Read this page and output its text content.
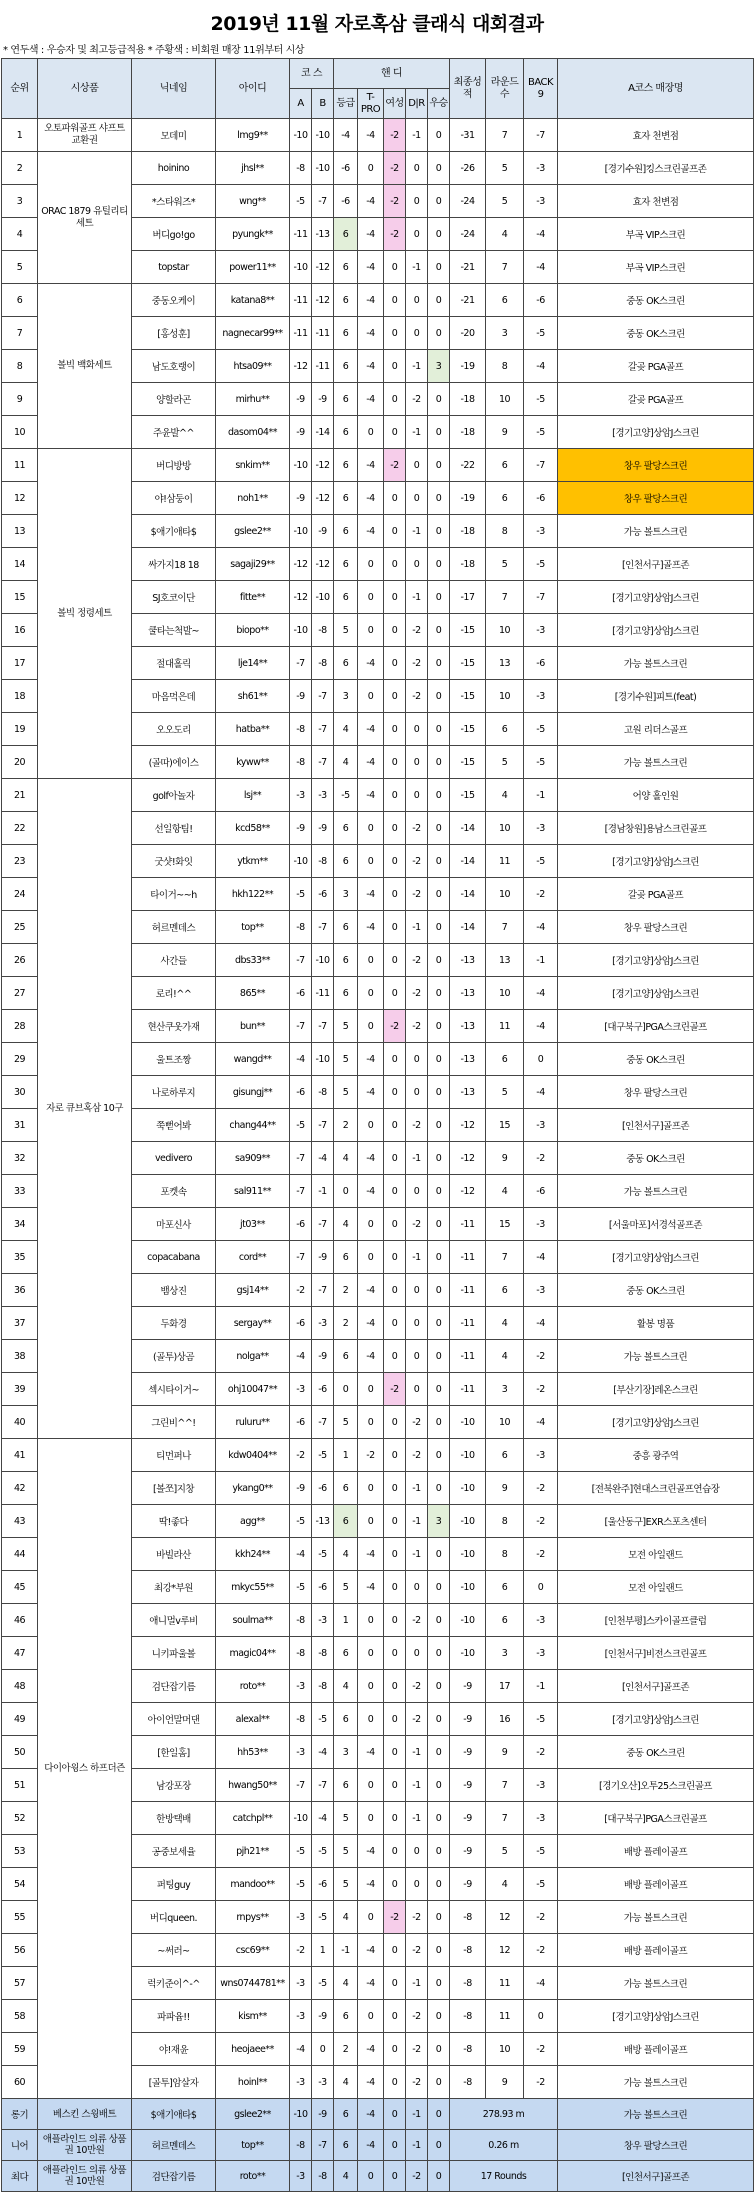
2019년 11월 자로혹삼 클래식 대회결과
* 연두색 : 우승자 및 최고등급적용 * 주황색 : 비회원 매장 11위부터 시상
순위	시상품	닉네임	아이디	코 스		핸 디					최종성적	라운드수	BACK 9	A코스 매장명
				A	B	등급	T-PRO	여성	D|R	우승				
1	오토파워골프 샤프트 교환권	모데미	lmg9**	-10	-10	-4	-4	-2	-1	0	-31	7	-7	효자 천변점
2	ORAC 1879 유틸리티 세트	hoinino	jhsl**	-8	-10	-6	0	-2	0	0	-26	5	-3	[경기수원]킹스크린골프존
3		*스타워즈*	wng**	-5	-7	-6	-4	-2	0	0	-24	5	-3	효자 천변점
4		버디go!go	pyungk**	-11	-13	6	-4	-2	0	0	-24	4	-4	부곡 VIP스크린
5		topstar	power11**	-10	-12	6	-4	0	-1	0	-21	7	-4	부곡 VIP스크린
6	볼빅 백화세트	중동오케이	katana8**	-11	-12	6	-4	0	0	0	-21	6	-6	중동 OK스크린
7		[홍성훈]	nagnecar99**	-11	-11	6	-4	0	0	0	-20	3	-5	중동 OK스크린
8		남도호랭이	htsa09**	-12	-11	6	-4	0	-1	3	-19	8	-4	갈곶 PGA골프
9		양할라곤	mirhu**	-9	-9	6	-4	0	-2	0	-18	10	-5	갈곶 PGA골프
10		주윤발^^	dasom04**	-9	-14	6	0	0	-1	0	-18	9	-5	[경기고양]상암J스크린
11	볼빅 정령세트	버디방방	snkim**	-10	-12	6	-4	-2	0	0	-22	6	-7	창우 팔당스크린
12		야!삼둥이	noh1**	-9	-12	6	-4	0	0	0	-19	6	-6	창우 팔당스크린
13		$애기애타$	gslee2**	-10	-9	6	-4	0	-1	0	-18	8	-3	가능 볼트스크린
14		싸가지18 18	sagaji29**	-12	-12	6	0	0	0	0	-18	5	-5	[인천서구]골프존
15		SJ호코이단	fitte**	-12	-10	6	0	0	-1	0	-17	7	-7	[경기고양]상암J스크린
16		쿨타는척발~	biopo**	-10	-8	5	0	0	-2	0	-15	10	-3	[경기고양]상암J스크린
17		절대홀릭	lje14**	-7	-8	6	-4	0	-2	0	-15	13	-6	가능 볼트스크린
18		마음먹은데	sh61**	-9	-7	3	0	0	-2	0	-15	10	-3	[경기수원]피트(feat)
19		오오도리	hatba**	-8	-7	4	-4	0	0	0	-15	6	-5	고원 리더스골프
20		(골따)에이스	kyww**	-8	-7	4	-4	0	0	0	-15	5	-5	가능 볼트스크린
21	자로 큐브혹삼 10구	golf아놀자	lsj**	-3	-3	-5	-4	0	0	0	-15	4	-1	어양 홀인원
22		선일항팀!	kcd58**	-9	-9	6	0	0	-2	0	-14	10	-3	[경남창원]용남스크린골프
23		굿샷!화잇	ytkm**	-10	-8	6	0	0	-2	0	-14	11	-5	[경기고양]상암J스크린
24		타이거~~h	hkh122**	-5	-6	3	-4	0	-2	0	-14	10	-2	갈곶 PGA골프
25		허르멘데스	top**	-8	-7	6	-4	0	-1	0	-14	7	-4	창우 팔당스크린
26		사간들	dbs33**	-7	-10	6	0	0	-2	0	-13	13	-1	[경기고양]상암J스크린
27		로리!^^	865**	-6	-11	6	0	0	-2	0	-13	10	-4	[경기고양]상암J스크린
28		현산쿠웃가재	bun**	-7	-7	5	0	-2	-2	0	-13	11	-4	[대구북구]PGA스크린골프
29		울트조짱	wangd**	-4	-10	5	-4	0	0	0	-13	6	0	중동 OK스크린
30		나로하루지	gisungj**	-6	-8	5	-4	0	0	0	-13	5	-4	창우 팔당스크린
31		쭉뻗어봐	chang44**	-5	-7	2	0	0	-2	0	-12	15	-3	[인천서구]골프존
32		vedivero	sa909**	-7	-4	4	-4	0	-1	0	-12	9	-2	중동 OK스크린
33		포켓속	sal911**	-7	-1	0	-4	0	0	0	-12	4	-6	가능 볼트스크린
34		마포신사	jt03**	-6	-7	4	0	0	-2	0	-11	15	-3	[서울마포]서경석골프존
35		copacabana	cord**	-7	-9	6	0	0	-1	0	-11	7	-4	[경기고양]상암J스크린
36		뱀상진	gsj14**	-2	-7	2	-4	0	0	0	-11	6	-3	중동 OK스크린
37		두화경	sergay**	-6	-3	2	-4	0	0	0	-11	4	-4	활봉 명품
38		(골투)상곰	nolga**	-4	-9	6	-4	0	0	0	-11	4	-2	가능 볼트스크린
39		섹시타이거~	ohj10047**	-3	-6	0	0	-2	0	0	-11	3	-2	[부산기장]레온스크린
40		그린비^^!	ruluru**	-6	-7	5	0	0	-2	0	-10	10	-4	[경기고양]상암J스크린
41	다이아윙스 하프더즌	티먼퍼나	kdw0404**	-2	-5	1	-2	0	-2	0	-10	6	-3	중흥 광주역
42		[볼쪼]지창	ykang0**	-9	-6	6	0	0	-1	0	-10	9	-2	[전북완주]현대스크린골프연습장
43		딱!좋다	agg**	-5	-13	6	0	0	-1	3	-10	8	-2	[울산동구]EXR스포츠센터
44		바빌라산	kkh24**	-4	-5	4	-4	0	-1	0	-10	8	-2	모전 아일랜드
45		최강*부원	mkyc55**	-5	-6	5	-4	0	0	0	-10	6	0	모전 아일랜드
46		애니멀v루비	soulma**	-8	-3	1	0	0	-2	0	-10	6	-3	[인천부평]스카이골프클럽
47		니키파울볼	magic04**	-8	-8	6	0	0	0	0	-10	3	-3	[인천서구]비전스크린골프
48		검단잡기름	roto**	-3	-8	4	0	0	-2	0	-9	17	-1	[인천서구]골프존
49		아이언말머댄	alexal**	-8	-5	6	0	0	-2	0	-9	16	-5	[경기고양]상암J스크린
50		[한일홈]	hh53**	-3	-4	3	-4	0	-1	0	-9	9	-2	중동 OK스크린
51		남강포장	hwang50**	-7	-7	6	0	0	-1	0	-9	7	-3	[경기오산]오투25스크린골프
52		한방택배	catchpl**	-10	-4	5	0	0	-1	0	-9	7	-3	[대구북구]PGA스크린골프
53		공중보세율	pjh21**	-5	-5	5	-4	0	0	0	-9	5	-5	배방 플레이골프
54		퍼팅guy	mandoo**	-5	-6	5	-4	0	0	0	-9	4	-5	배방 플레이골프
55		버디queen.	rnpys**	-3	-5	4	0	-2	-2	0	-8	12	-2	가능 볼트스크린
56		~써러~	csc69**	-2	1	-1	-4	0	-2	0	-8	12	-2	배방 플레이골프
57		럭키준이^-^	wns0744781**	-3	-5	4	-4	0	-1	0	-8	11	-4	가능 볼트스크린
58		파파윰!!	kism**	-3	-9	6	0	0	-2	0	-8	11	0	[경기고양]상암J스크린
59		야!재윤	heojaee**	-4	0	2	-4	0	-2	0	-8	10	-2	배방 플레이골프
60		[골투]암살자	hoinl**	-3	-3	4	-4	0	-2	0	-8	9	-2	가능 볼트스크린
롱기	베스킨 스윙배트	$애기애타$	gslee2**	-10	-9	6	-4	0	-1	0	278.93 m			가능 볼트스크린
니어	애플라인드 의류 상품권 10만원	허르멘데스	top**	-8	-7	6	-4	0	-1	0	0.26 m			창우 팔당스크린
최다	애플라인드 의류 상품권 10만원	검단잡기름	roto**	-3	-8	4	0	0	-2	0	17 Rounds			[인천서구]골프존
